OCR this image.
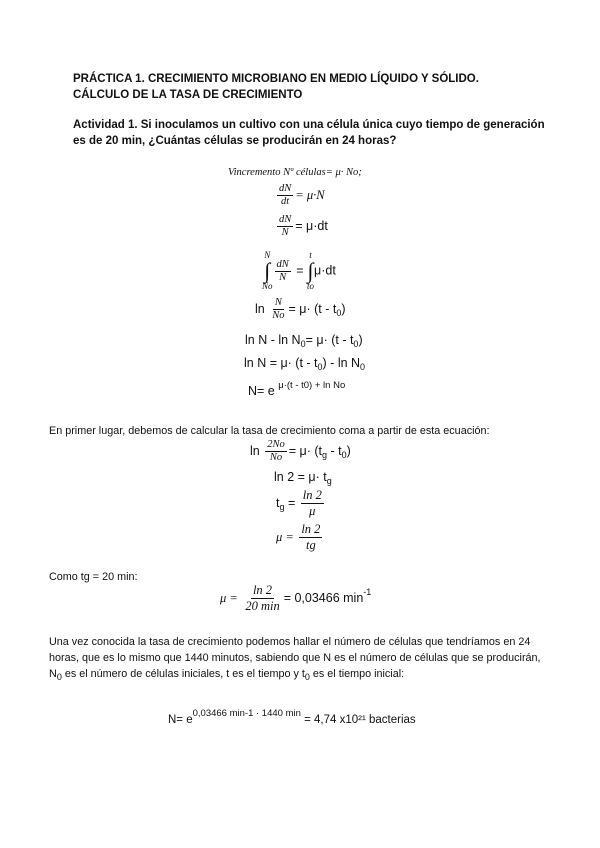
PRÁCTICA 1. CRECIMIENTO MICROBIANO EN MEDIO LÍQUIDO Y SÓLIDO.
CÁLCULO DE LA TASA DE CRECIMIENTO
Actividad 1. Si inoculamos un cultivo con una célula única cuyo tiempo de generación
es de 20 min, ¿Cuántas células se producirán en 24 horas?
Vincremento Nº células= μ· No;
$\frac{dN}{dt} = \mu\cdot N$
$\frac{dN}{N} = \mu\cdot dt$
N
∫
No
$\frac{dN}{N}$ =
t
∫
to
μ·dt
$\ln \frac{N}{No} = \mu\cdot (t - t_0)$
$\ln N - \ln N_0= \mu\cdot (t - t_0)$
$\ln N = \mu\cdot (t - t_0) - \ln N_0$
N= e $^{\mu\cdot(t - t0) + ln No}$
En primer lugar, debemos de calcular la tasa de crecimiento coma a partir de esta ecuación:
$\ln \frac{2No}{No} = \mu\cdot (t_g - t_0)$
$\ln 2 = \mu\cdot t_g$
$t_g = \frac{\ln 2}{\mu}$
$\mu = \frac{\ln 2}{tg}$
Como tg = 20 min:
$\mu = \frac{\ln 2}{20 \min} = 0,03466$ $\min^{-1}$
Una vez conocida la tasa de crecimiento podemos hallar el número de células que tendríamos en 24
horas, que es lo mismo que 1440 minutos, sabiendo que N es el número de células que se producirán,
$N_0$ es el número de células iniciales, t es el tiempo y $t_0$ es el tiempo inicial:
$N= e^{0,03466 min-1 \cdot 1440 min} = 4,74$ x10²¹ bacterias
